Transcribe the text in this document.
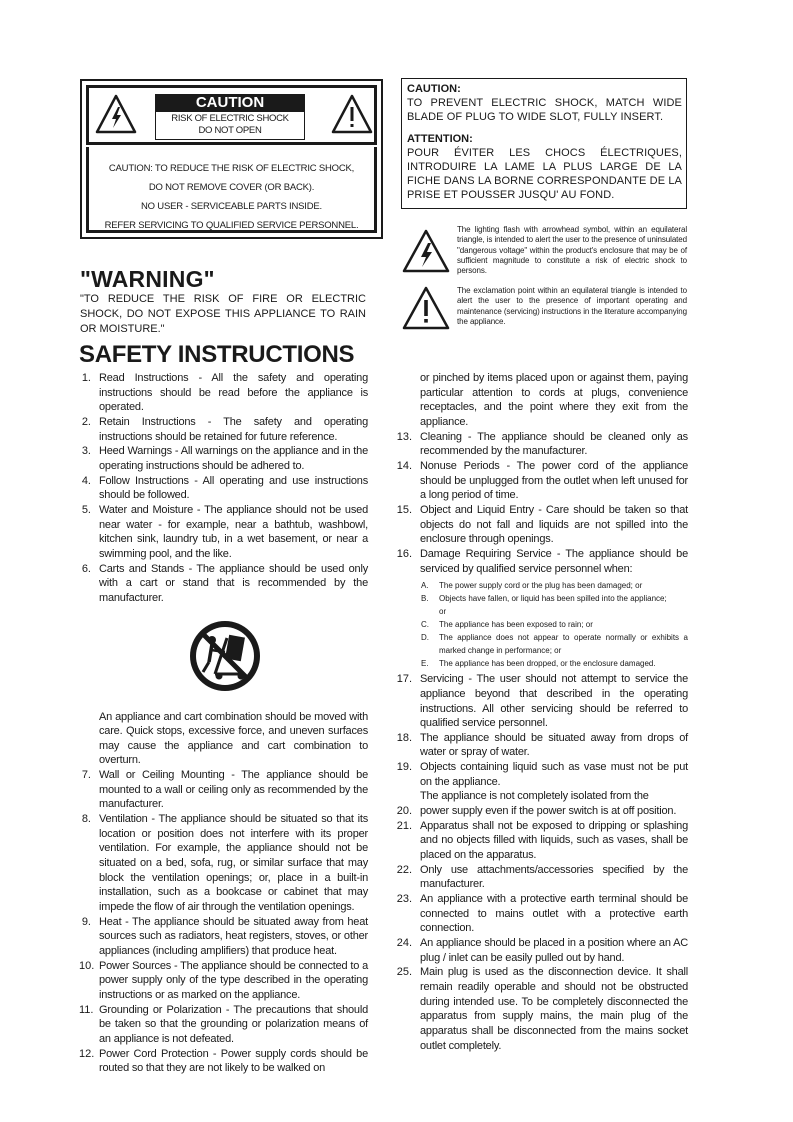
CAUTION
RISK OF ELECTRIC SHOCK
DO NOT OPEN
CAUTION: TO REDUCE THE RISK OF ELECTRIC SHOCK,
DO NOT REMOVE COVER (OR BACK).
NO USER - SERVICEABLE PARTS INSIDE.
REFER SERVICING TO QUALIFIED SERVICE PERSONNEL.
CAUTION:
TO PREVENT ELECTRIC SHOCK, MATCH WIDE BLADE OF PLUG TO WIDE SLOT, FULLY INSERT.
ATTENTION:
POUR ÉVITER LES CHOCS ÉLECTRIQUES, INTRODUIRE LA LAME LA PLUS LARGE DE LA FICHE DANS LA BORNE CORRESPONDANTE DE LA PRISE ET POUSSER JUSQU' AU FOND.
The lighting flash with arrowhead symbol, within an equilateral triangle, is intended to alert the user to the presence of uninsulated "dangerous voltage" within the product's enclosure that may be of sufficient magnitude to constitute a risk of electric shock to persons.
The exclamation point within an equilateral triangle is intended to alert the user to the presence of important operating and maintenance (servicing) instructions in the literature accompanying the appliance.
"WARNING"
"TO REDUCE THE RISK OF FIRE OR ELECTRIC SHOCK, DO NOT EXPOSE THIS APPLIANCE TO RAIN OR MOISTURE."
SAFETY INSTRUCTIONS
1. Read Instructions - All the safety and operating instructions should be read before the appliance is operated.
2. Retain Instructions - The safety and operating instructions should be retained for future reference.
3. Heed Warnings - All warnings on the appliance and in the operating instructions should be adhered to.
4. Follow Instructions - All operating and use instructions should be followed.
5. Water and Moisture - The appliance should not be used near water - for example, near a bathtub, washbowl, kitchen sink, laundry tub, in a wet basement, or near a swimming pool, and the like.
6. Carts and Stands - The appliance should be used only with a cart or stand that is recommended by the manufacturer.
An appliance and cart combination should be moved with care. Quick stops, excessive force, and uneven surfaces may cause the appliance and cart combination to overturn.
7. Wall or Ceiling Mounting - The appliance should be mounted to a wall or ceiling only as recommended by the manufacturer.
8. Ventilation - The appliance should be situated so that its location or position does not interfere with its proper ventilation. For example, the appliance should not be situated on a bed, sofa, rug, or similar surface that may block the ventilation openings; or, place in a built-in installation, such as a bookcase or cabinet that may impede the flow of air through the ventilation openings.
9. Heat - The appliance should be situated away from heat sources such as radiators, heat registers, stoves, or other appliances (including amplifiers) that produce heat.
10. Power Sources - The appliance should be connected to a power supply only of the type described in the operating instructions or as marked on the appliance.
11. Grounding or Polarization - The precautions that should be taken so that the grounding or polarization means of an appliance is not defeated.
12. Power Cord Protection - Power supply cords should be routed so that they are not likely to be walked on
or pinched by items placed upon or against them, paying particular attention to cords at plugs, convenience receptacles, and the point where they exit from the appliance.
13. Cleaning - The appliance should be cleaned only as recommended by the manufacturer.
14. Nonuse Periods - The power cord of the appliance should be unplugged from the outlet when left unused for a long period of time.
15. Object and Liquid Entry - Care should be taken so that objects do not fall and liquids are not spilled into the enclosure through openings.
16. Damage Requiring Service - The appliance should be serviced by qualified service personnel when:
A.	The power supply cord or the plug has been damaged; or
B.	Objects have fallen, or liquid has been spilled into the appliance;
or
C.	The appliance has been exposed to rain; or
D.	The appliance does not appear to operate normally or exhibits a marked change in performance; or
E.	The appliance has been dropped, or the enclosure damaged.
17. Servicing - The user should not attempt to service the appliance beyond that described in the operating instructions. All other servicing should be referred to qualified service personnel.
18. The appliance should be situated away from drops of water or spray of water.
19. Objects containing liquid such as vase must not be put on the appliance.
The appliance is not completely isolated from the
20. power supply even if the power switch is at off position.
21. Apparatus shall not be exposed to dripping or splashing and no objects filled with liquids, such as vases, shall be placed on the apparatus.
22. Only use attachments/accessories specified by the manufacturer.
23. An appliance with a protective earth terminal should be connected to mains outlet with a protective earth connection.
24. An appliance should be placed in a position where an AC plug / inlet can be easily pulled out by hand.
25. Main plug is used as the disconnection device. It shall remain readily operable and should not be obstructed during intended use. To be completely disconnected the apparatus from supply mains, the main plug of the apparatus shall be disconnected from the mains socket outlet completely.
